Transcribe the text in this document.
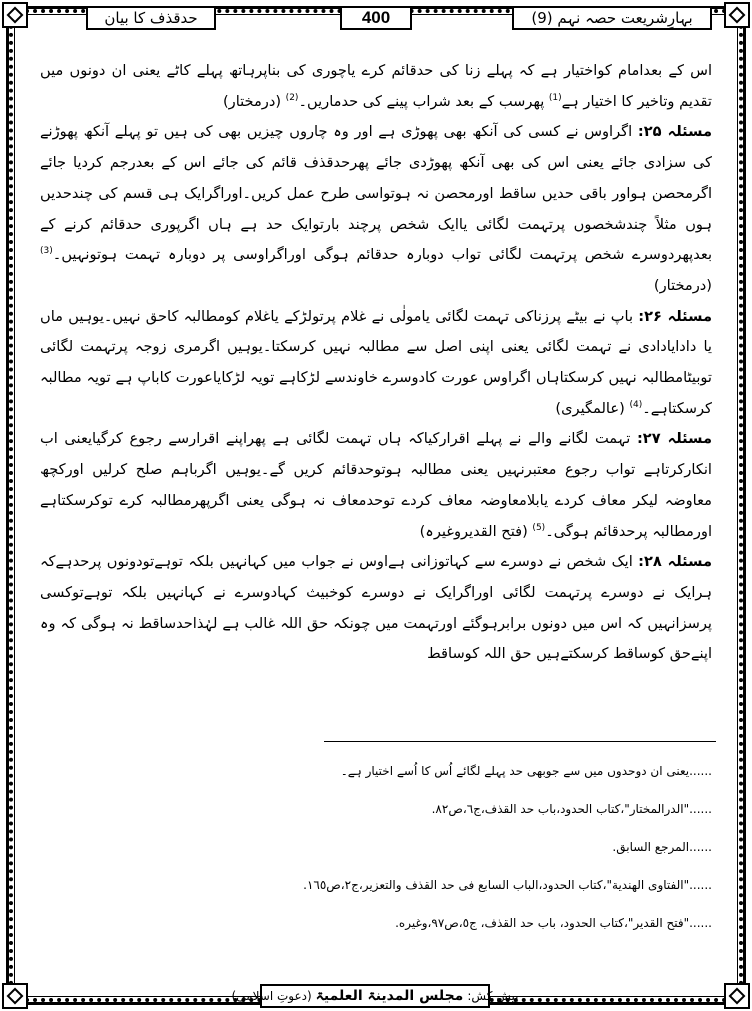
بہارِشریعت حصہ نہم (9)
400
حدقذف کا بیان

اس کے بعدامام کواختیار ہے کہ پہلے زنا کی حدقائم کرے یاچوری کی بناپرہاتھ پہلے کاٹے یعنی ان دونوں میں تقدیم وتاخیر کا اختیار ہے$^{(1)}$ پھرسب کے بعد شراب پینے کی حدماریں۔$^{(2)}$ (درمختار)

مسئلہ ۲۵: اگراوس نے کسی کی آنکھ بھی پھوڑی ہے اور وہ چاروں چیزیں بھی کی ہیں تو پہلے آنکھ پھوڑنے کی سزادی جائے یعنی اس کی بھی آنکھ پھوڑدی جائے پھرحدقذف قائم کی جائے اس کے بعدرجم کردیا جائے اگرمحصن ہواور باقی حدیں ساقط اورمحصن نہ ہوتواسی طرح عمل کریں۔اوراگرایک ہی قسم کی چندحدیں ہوں مثلاً چندشخصوں پرتہمت لگائی یاایک شخص پرچند بارتوایک حد ہے ہاں اگرپوری حدقائم کرنے کے بعدپھردوسرے شخص پرتہمت لگائی تواب دوبارہ حدقائم ہوگی اوراگراوسی پر دوبارہ تہمت ہوتونہیں۔$^{(3)}$ (درمختار)

مسئلہ ۲۶: باپ نے بیٹے پرزناکی تہمت لگائی یامولٰی نے غلام پرتولڑکے یاغلام کومطالبہ کاحق نہیں۔یوہیں ماں یا دادایادادی نے تہمت لگائی یعنی اپنی اصل سے مطالبہ نہیں کرسکتا۔یوہیں اگرمری زوجہ پرتہمت لگائی توبیٹامطالبہ نہیں کرسکتاہاں اگراوس عورت کادوسرے خاوندسے لڑکاہے تویہ لڑکایاعورت کاباپ ہے تویہ مطالبہ کرسکتاہے۔$^{(4)}$ (عالمگیری)

مسئلہ ۲۷: تہمت لگانے والے نے پہلے اقرارکیاکہ ہاں تہمت لگائی ہے پھراپنے اقرارسے رجوع کرگیایعنی اب انکارکرتاہے تواب رجوع معتبرنہیں یعنی مطالبہ ہوتوحدقائم کریں گے۔یوہیں اگرباہم صلح کرلیں اورکچھ معاوضہ لیکر معاف کردے یابلامعاوضہ معاف کردے توحدمعاف نہ ہوگی یعنی اگرپھرمطالبہ کرے توکرسکتاہے اورمطالبہ پرحدقائم ہوگی۔$^{(5)}$ (فتح القدیروغیرہ)

مسئلہ ۲۸: ایک شخص نے دوسرے سے کہاتوزانی ہےاوس نے جواب میں کہانہیں بلکہ توہےتودونوں پرحدہےکہ ہرایک نے دوسرے پرتہمت لگائی اوراگرایک نے دوسرے کوخبیث کہادوسرے نے کہانہیں بلکہ توہےتوکسی پرسزانہیں کہ اس میں دونوں برابرہوگئے اورتہمت میں چونکہ حق اللہ غالب ہے لہٰذاحدساقط نہ ہوگی کہ وہ اپنےحق کوساقط کرسکتےہیں حق اللہ کوساقط

......یعنی ان دوحدوں میں سے جوبھی حد پہلے لگائے اُس کا اُسے اختیار ہے۔
......"الدرالمختار"،کتاب الحدود،باب حد القذف،ج٦،ص٨٢.
......المرجع السابق.
......"الفتاوى الهندية"،كتاب الحدود،الباب السابع فى حد القذف والتعزير،ج٢،ص١٦٥.
......"فتح القدير"،كتاب الحدود، باب حد القذف، ج٥،ص٩٧،وغيره.
پیش کش:
مجلس المدینۃ العلمیۃ
(دعوتِ اسلامی)
